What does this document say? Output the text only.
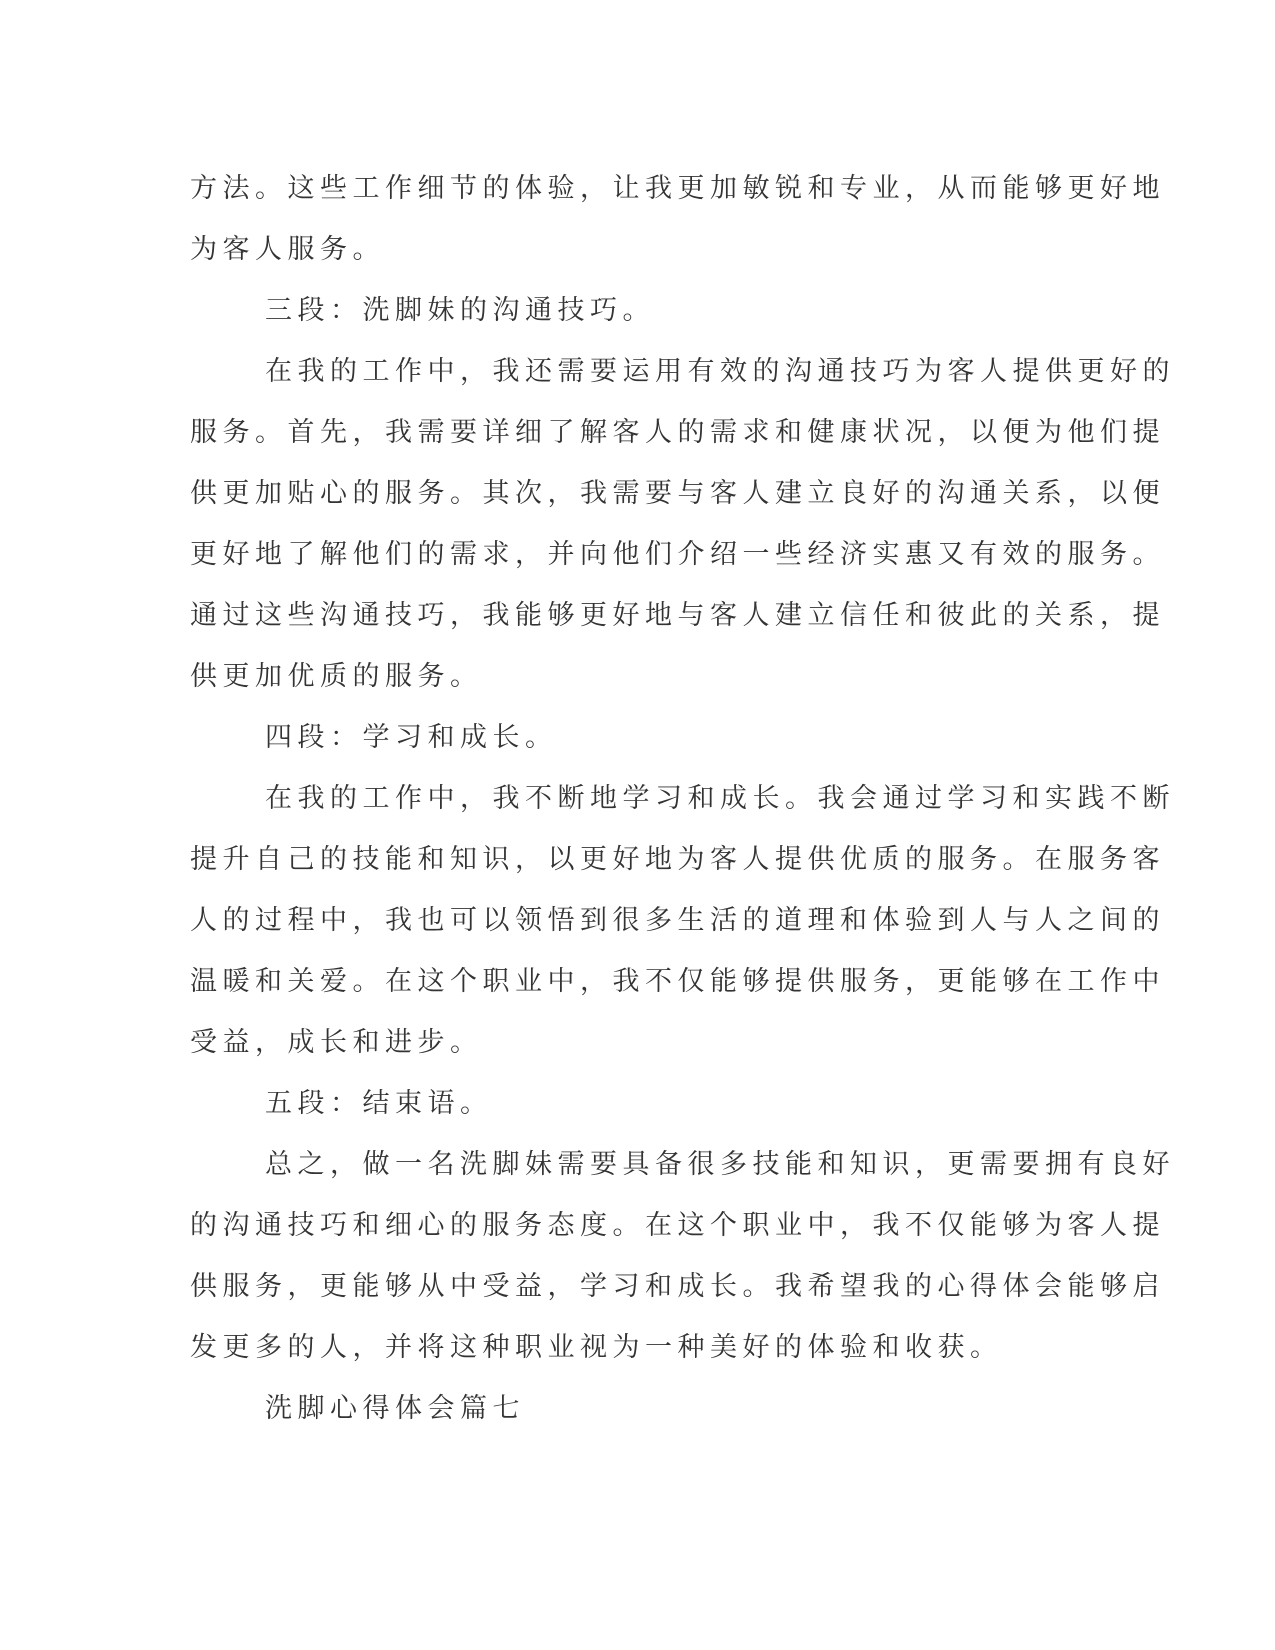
方法。这些工作细节的体验，让我更加敏锐和专业，从而能够更好地
为客人服务。
三段：洗脚妹的沟通技巧。
在我的工作中，我还需要运用有效的沟通技巧为客人提供更好的
服务。首先，我需要详细了解客人的需求和健康状况，以便为他们提
供更加贴心的服务。其次，我需要与客人建立良好的沟通关系，以便
更好地了解他们的需求，并向他们介绍一些经济实惠又有效的服务。
通过这些沟通技巧，我能够更好地与客人建立信任和彼此的关系，提
供更加优质的服务。
四段：学习和成长。
在我的工作中，我不断地学习和成长。我会通过学习和实践不断
提升自己的技能和知识，以更好地为客人提供优质的服务。在服务客
人的过程中，我也可以领悟到很多生活的道理和体验到人与人之间的
温暖和关爱。在这个职业中，我不仅能够提供服务，更能够在工作中
受益，成长和进步。
五段：结束语。
总之，做一名洗脚妹需要具备很多技能和知识，更需要拥有良好
的沟通技巧和细心的服务态度。在这个职业中，我不仅能够为客人提
供服务，更能够从中受益，学习和成长。我希望我的心得体会能够启
发更多的人，并将这种职业视为一种美好的体验和收获。
洗脚心得体会篇七
